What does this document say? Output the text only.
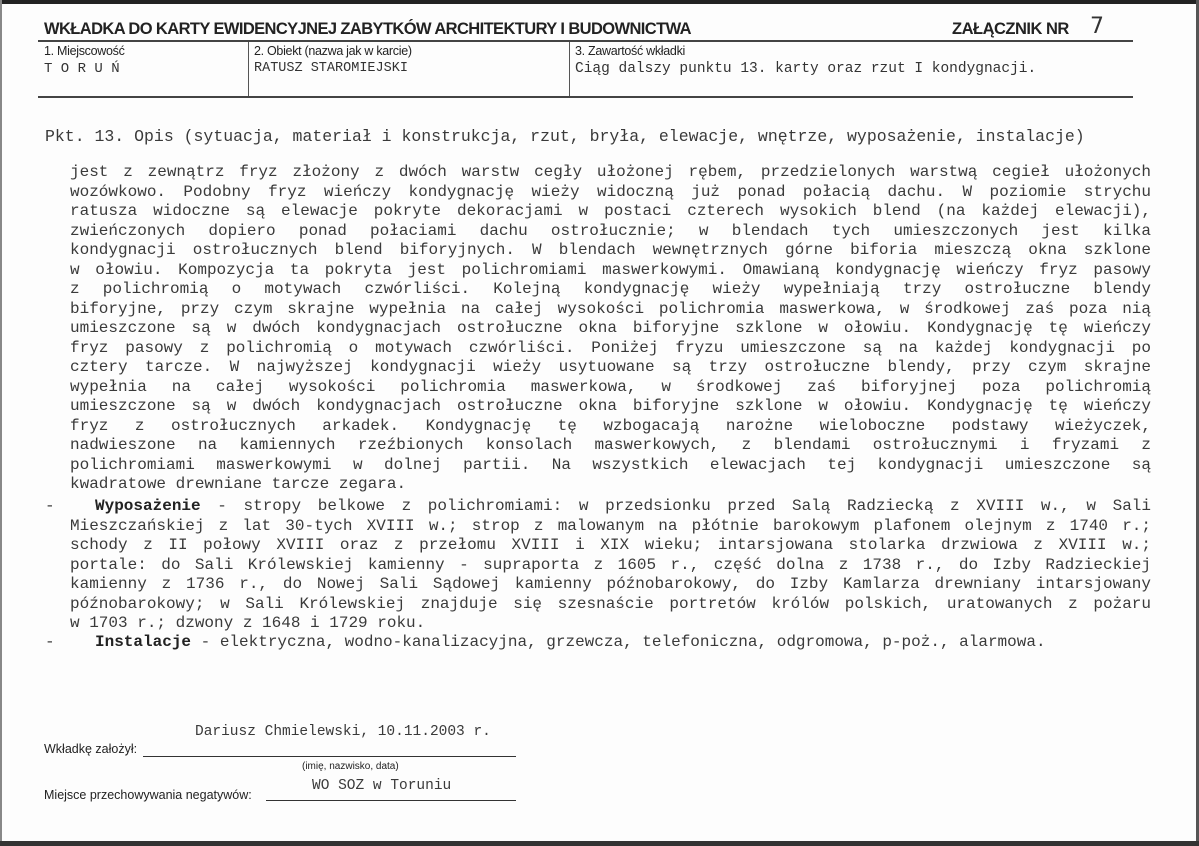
WKŁADKA DO KARTY EWIDENCYJNEJ ZABYTKÓW ARCHITEKTURY I BUDOWNICTWA	ZAŁĄCZNIK NR 7
1. Miejscowość
T O R U Ń
2. Obiekt (nazwa jak w karcie)
RATUSZ STAROMIEJSKI
3. Zawartość wkładki
Ciąg dalszy punktu 13. karty oraz rzut I kondygnacji.
Pkt. 13. Opis (sytuacja, materiał i konstrukcja, rzut, bryła, elewacje, wnętrze, wyposażenie, instalacje)
jest z zewnątrz fryz złożony z dwóch warstw cegły ułożonej rębem, przedzielonych warstwą cegieł ułożonych
wozówkowo. Podobny fryz wieńczy kondygnację wieży widoczną już ponad połacią dachu. W poziomie strychu
ratusza widoczne są elewacje pokryte dekoracjami w postaci czterech wysokich blend (na każdej elewacji),
zwieńczonych dopiero ponad połaciami dachu ostrołucznie; w blendach tych umieszczonych jest kilka
kondygnacji ostrołucznych blend biforyjnych. W blendach wewnętrznych górne biforia mieszczą okna szklone
w ołowiu. Kompozycja ta pokryta jest polichromiami maswerkowymi. Omawianą kondygnację wieńczy fryz pasowy
z polichromią o motywach czwórliści. Kolejną kondygnację wieży wypełniają trzy ostrołuczne blendy
biforyjne, przy czym skrajne wypełnia na całej wysokości polichromia maswerkowa, w środkowej zaś poza nią
umieszczone są w dwóch kondygnacjach ostrołuczne okna biforyjne szklone w ołowiu. Kondygnację tę wieńczy
fryz pasowy z polichromią o motywach czwórliści. Poniżej fryzu umieszczone są na każdej kondygnacji po
cztery tarcze. W najwyższej kondygnacji wieży usytuowane są trzy ostrołuczne blendy, przy czym skrajne
wypełnia na całej wysokości polichromia maswerkowa, w środkowej zaś biforyjnej poza polichromią
umieszczone są w dwóch kondygnacjach ostrołuczne okna biforyjne szklone w ołowiu. Kondygnację tę wieńczy
fryz z ostrołucznych arkadek. Kondygnację tę wzbogacają narożne wieloboczne podstawy wieżyczek,
nadwieszone na kamiennych rzeźbionych konsolach maswerkowych, z blendami ostrołucznymi i fryzami z
polichromiami maswerkowymi w dolnej partii. Na wszystkich elewacjach tej kondygnacji umieszczone są
kwadratowe drewniane tarcze zegara.
-	Wyposażenie - stropy belkowe z polichromiami: w przedsionku przed Salą Radziecką z XVIII w., w Sali
Mieszczańskiej z lat 30-tych XVIII w.; strop z malowanym na płótnie barokowym plafonem olejnym z 1740 r.;
schody z II połowy XVIII oraz z przełomu XVIII i XIX wieku; intarsjowana stolarka drzwiowa z XVIII w.;
portale: do Sali Królewskiej kamienny - supraporta z 1605 r., część dolna z 1738 r., do Izby Radzieckiej
kamienny z 1736 r., do Nowej Sali Sądowej kamienny późnobarokowy, do Izby Kamlarza drewniany intarsjowany
późnobarokowy; w Sali Królewskiej znajduje się szesnaście portretów królów polskich, uratowanych z pożaru
w 1703 r.; dzwony z 1648 i 1729 roku.
-	Instalacje - elektryczna, wodno-kanalizacyjna, grzewcza, telefoniczna, odgromowa, p-poż., alarmowa.
Dariusz Chmielewski, 10.11.2003 r.
Wkładkę założył:
(imię, nazwisko, data)
WO SOZ w Toruniu
Miejsce przechowywania negatywów:
